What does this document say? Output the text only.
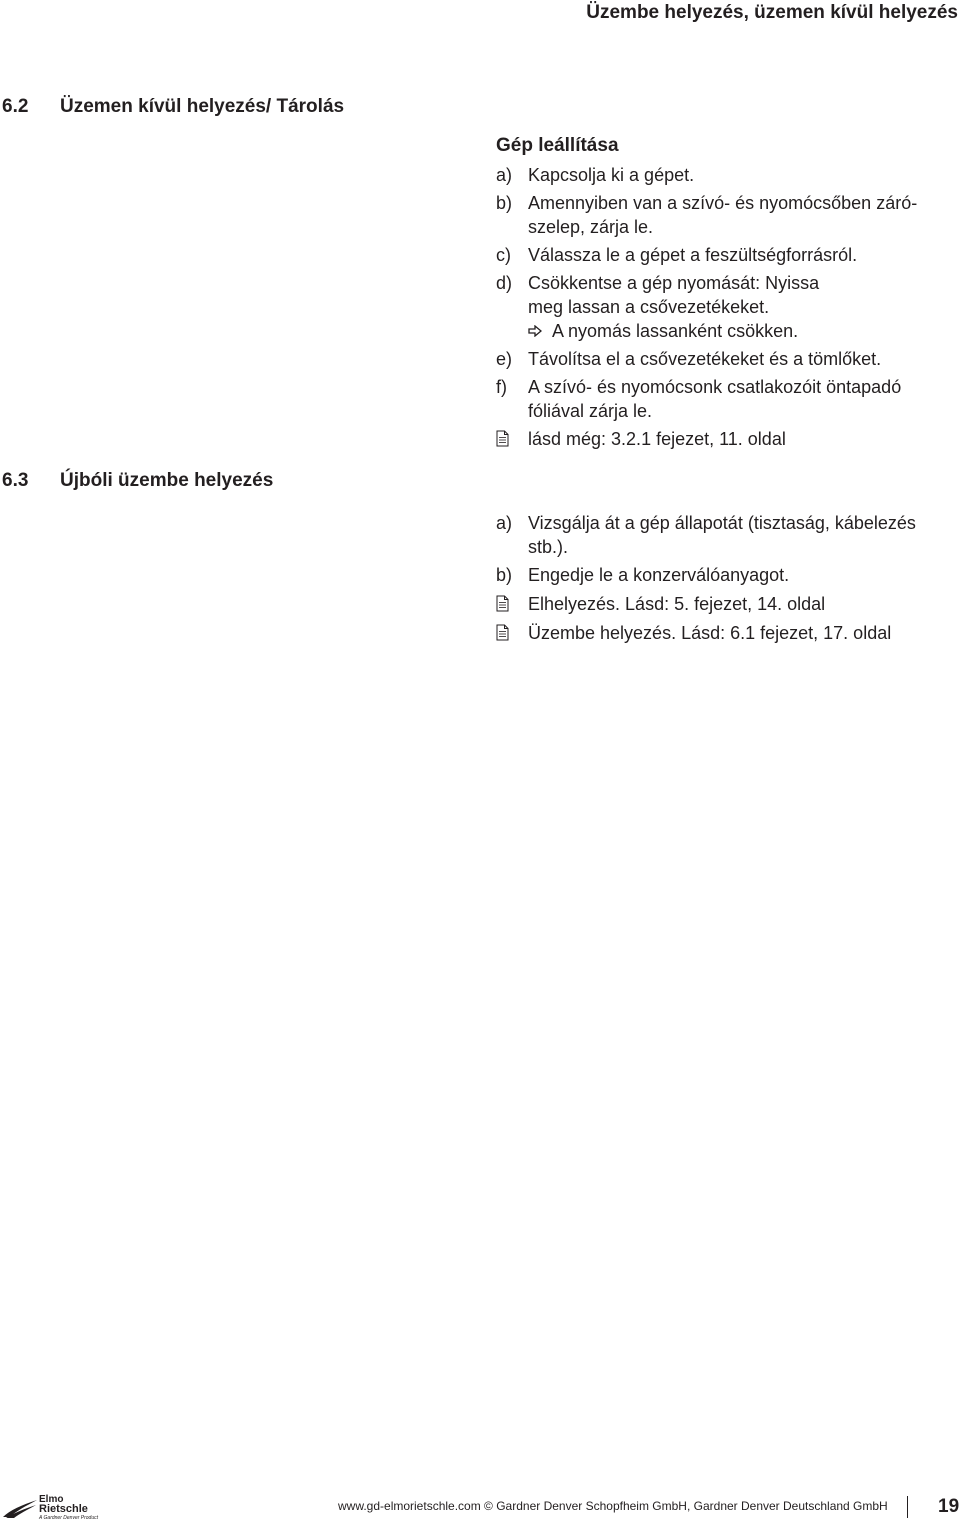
Üzembe helyezés, üzemen kívül helyezés
6.2 Üzemen kívül helyezés/ Tárolás
6.3 Újbóli üzembe helyezés
Gép leállítása
a) Kapcsolja ki a gépet.
b) Amennyiben van a szívó- és nyomócsőben záró-szelep, zárja le.
c) Válassza le a gépet a feszültségforrásról.
d) Csökkentse a gép nyomását: Nyissa meg lassan a csővezetékeket.
A nyomás lassanként csökken.
e) Távolítsa el a csővezetékeket és a tömlőket.
f)	A szívó- és nyomócsonk csatlakozóit öntapadó fóliával zárja le.
lásd még: 3.2.1 fejezet, 11. oldal
a) Vizsgálja át a gép állapotát (tisztaság, kábelezés stb.).
b) Engedje le a konzerválóanyagot.
Elhelyezés. Lásd: 5. fejezet, 14. oldal
Üzembe helyezés. Lásd: 6.1 fejezet, 17. oldal
Elmo
Rietschle
A Gardner Denver Product
www.gd-elmorietschle.com © Gardner Denver Schopfheim GmbH, Gardner Denver Deutschland GmbH	19
